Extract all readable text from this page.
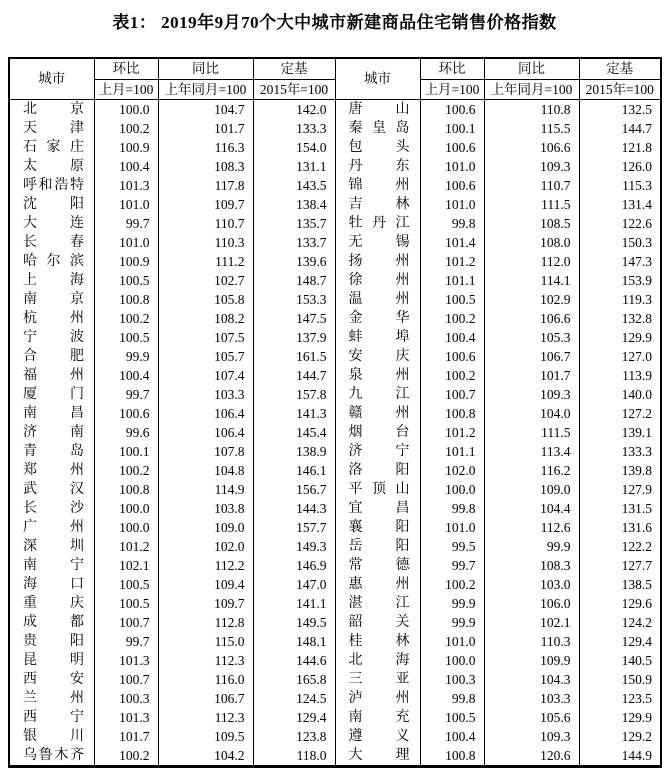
表1： 2019年9月70个大中城市新建商品住宅销售价格指数
城市	环比	同比	定基	城市	环比	同比	定基
	上月=100	上年同月=100	2015年=100		上月=100	上年同月=100	2015年=100
北京	100.0	104.7	142.0	唐山	100.6	110.8	132.5
天津	100.2	101.7	133.3	秦皇岛	100.1	115.5	144.7
石家庄	100.9	116.3	154.0	包头	100.6	106.6	121.8
太原	100.4	108.3	131.1	丹东	101.0	109.3	126.0
呼和浩特	101.3	117.8	143.5	锦州	100.6	110.7	115.3
沈阳	101.0	109.7	138.4	吉林	101.0	111.5	131.4
大连	99.7	110.7	135.7	牡丹江	99.8	108.5	122.6
长春	101.0	110.3	133.7	无锡	101.4	108.0	150.3
哈尔滨	100.9	111.2	139.6	扬州	101.2	112.0	147.3
上海	100.5	102.7	148.7	徐州	101.1	114.1	153.9
南京	100.8	105.8	153.3	温州	100.5	102.9	119.3
杭州	100.2	108.2	147.5	金华	100.2	106.6	132.8
宁波	100.5	107.5	137.9	蚌埠	100.4	105.3	129.9
合肥	99.9	105.7	161.5	安庆	100.6	106.7	127.0
福州	100.4	107.4	144.7	泉州	100.2	101.7	113.9
厦门	99.7	103.3	157.8	九江	100.7	109.3	140.0
南昌	100.6	106.4	141.3	赣州	100.8	104.0	127.2
济南	99.6	106.4	145.4	烟台	101.2	111.5	139.1
青岛	100.1	107.8	138.9	济宁	101.1	113.4	133.3
郑州	100.2	104.8	146.1	洛阳	102.0	116.2	139.8
武汉	100.8	114.9	156.7	平顶山	100.0	109.0	127.9
长沙	100.0	103.8	144.3	宜昌	99.8	104.4	131.5
广州	100.0	109.0	157.7	襄阳	101.0	112.6	131.6
深圳	101.2	102.0	149.3	岳阳	99.5	99.9	122.2
南宁	102.1	112.2	146.9	常德	99.7	108.3	127.7
海口	100.5	109.4	147.0	惠州	100.2	103.0	138.5
重庆	100.5	109.7	141.1	湛江	99.9	106.0	129.6
成都	100.7	112.8	149.5	韶关	99.9	102.1	124.2
贵阳	99.7	115.0	148.1	桂林	101.0	110.3	129.4
昆明	101.3	112.3	144.6	北海	100.0	109.9	140.5
西安	100.7	116.0	165.8	三亚	100.3	104.3	150.9
兰州	100.3	106.7	124.5	泸州	99.8	103.3	123.5
西宁	101.3	112.3	129.4	南充	100.5	105.6	129.9
银川	101.7	109.5	123.8	遵义	100.4	109.3	129.2
乌鲁木齐	100.2	104.2	118.0	大理	100.8	120.6	144.9
